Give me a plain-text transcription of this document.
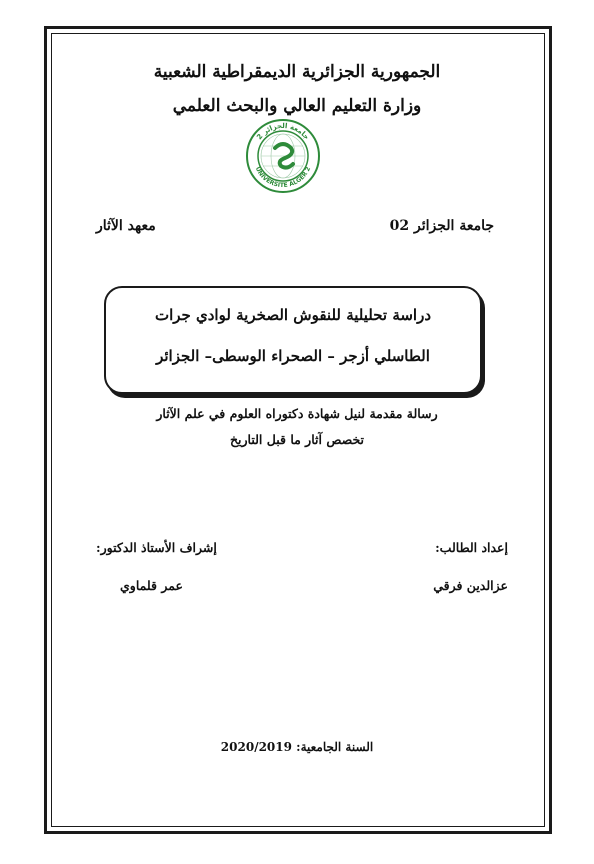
الجمهورية الجزائرية الديمقراطية الشعبية
وزارة التعليم العالي والبحث العلمي
جامعة الجزائر 2
UNIVERSITE ALGER 2
جامعة الجزائر 02
معهد الآثار
دراسة تحليلية للنقوش الصخرية لوادي جرات
الطاسلي أزجر – الصحراء الوسطى– الجزائر
رسالة مقدمة لنيل شهادة دكتوراه العلوم في علم الآثار
تخصص آثار ما قبل التاريخ
إعداد الطالب:
إشراف الأستاذ الدكتور:
عزالدين فرقي
عمر قلماوي
السنة الجامعية: 2020/2019
